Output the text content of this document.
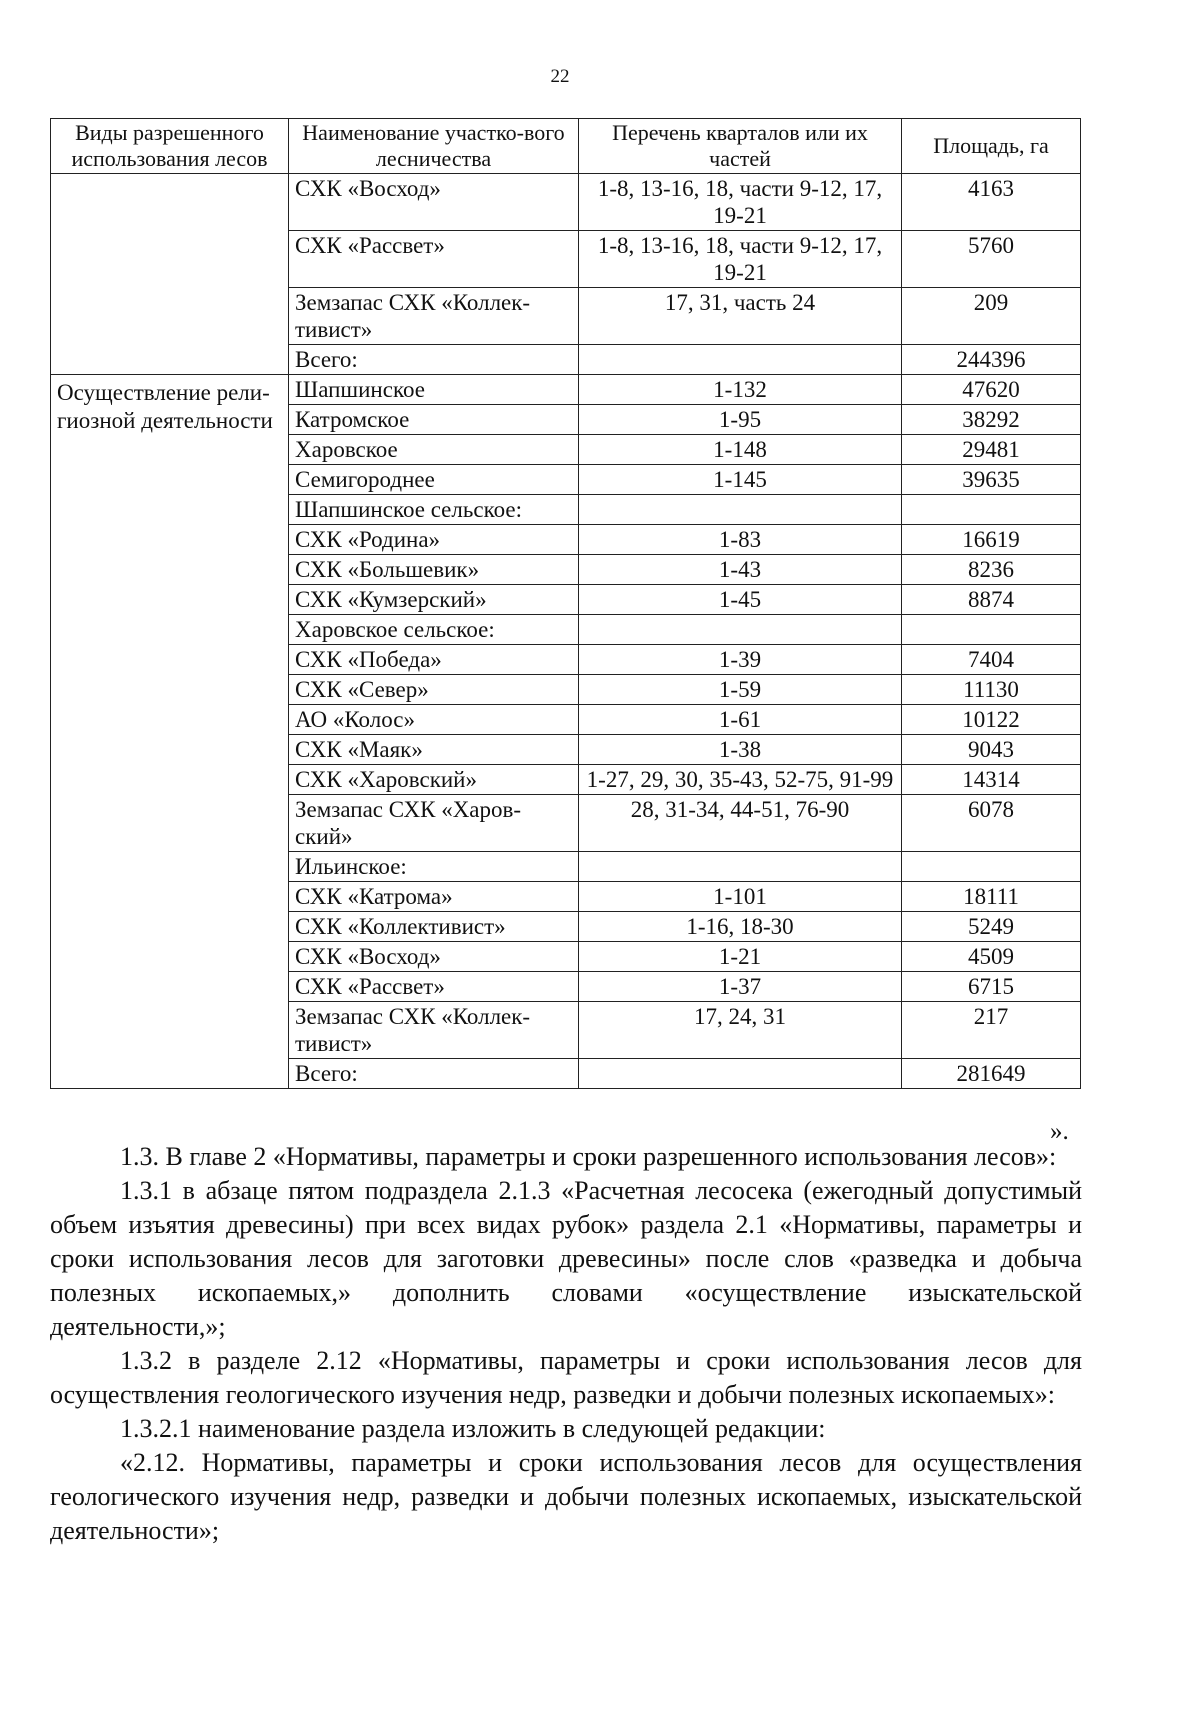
22
Виды разрешенного использования лесов	Наименование участко-вого лесничества	Перечень кварталов или их частей	Площадь, га
	СХК «Восход»	1-8, 13-16, 18, части 9-12, 17, 19-21	4163
	СХК «Рассвет»	1-8, 13-16, 18, части 9-12, 17, 19-21	5760
	Земзапас СХК «Коллек-тивист»	17, 31, часть 24	209
	Всего:		244396
Осуществление рели-гиозной деятельности	Шапшинское	1-132	47620
	Катромское	1-95	38292
	Харовское	1-148	29481
	Семигороднее	1-145	39635
	Шапшинское сельское:		
	СХК «Родина»	1-83	16619
	СХК «Большевик»	1-43	8236
	СХК «Кумзерский»	1-45	8874
	Харовское сельское:		
	СХК «Победа»	1-39	7404
	СХК «Север»	1-59	11130
	АО «Колос»	1-61	10122
	СХК «Маяк»	1-38	9043
	СХК «Харовский»	1-27, 29, 30, 35-43, 52-75, 91-99	14314
	Земзапас СХК «Харов-ский»	28, 31-34, 44-51, 76-90	6078
	Ильинское:		
	СХК «Катрома»	1-101	18111
	СХК «Коллективист»	1-16, 18-30	5249
	СХК «Восход»	1-21	4509
	СХК «Рассвет»	1-37	6715
	Земзапас СХК «Коллек-тивист»	17, 24, 31	217
	Всего:		281649
».

1.3. В главе 2 «Нормативы, параметры и сроки разрешенного использования лесов»:

1.3.1 в абзаце пятом подраздела 2.1.3 «Расчетная лесосека (ежегодный допустимый объем изъятия древесины) при всех видах рубок» раздела 2.1 «Нормативы, параметры и сроки использования лесов для заготовки древесины» после слов «разведка и добыча полезных ископаемых,» дополнить словами «осуществление изыскательской деятельности,»;

1.3.2 в разделе 2.12 «Нормативы, параметры и сроки использования лесов для осуществления геологического изучения недр, разведки и добычи полезных ископаемых»:

1.3.2.1 наименование раздела изложить в следующей редакции:

«2.12. Нормативы, параметры и сроки использования лесов для осуществления геологического изучения недр, разведки и добычи полезных ископаемых, изыскательской деятельности»;
